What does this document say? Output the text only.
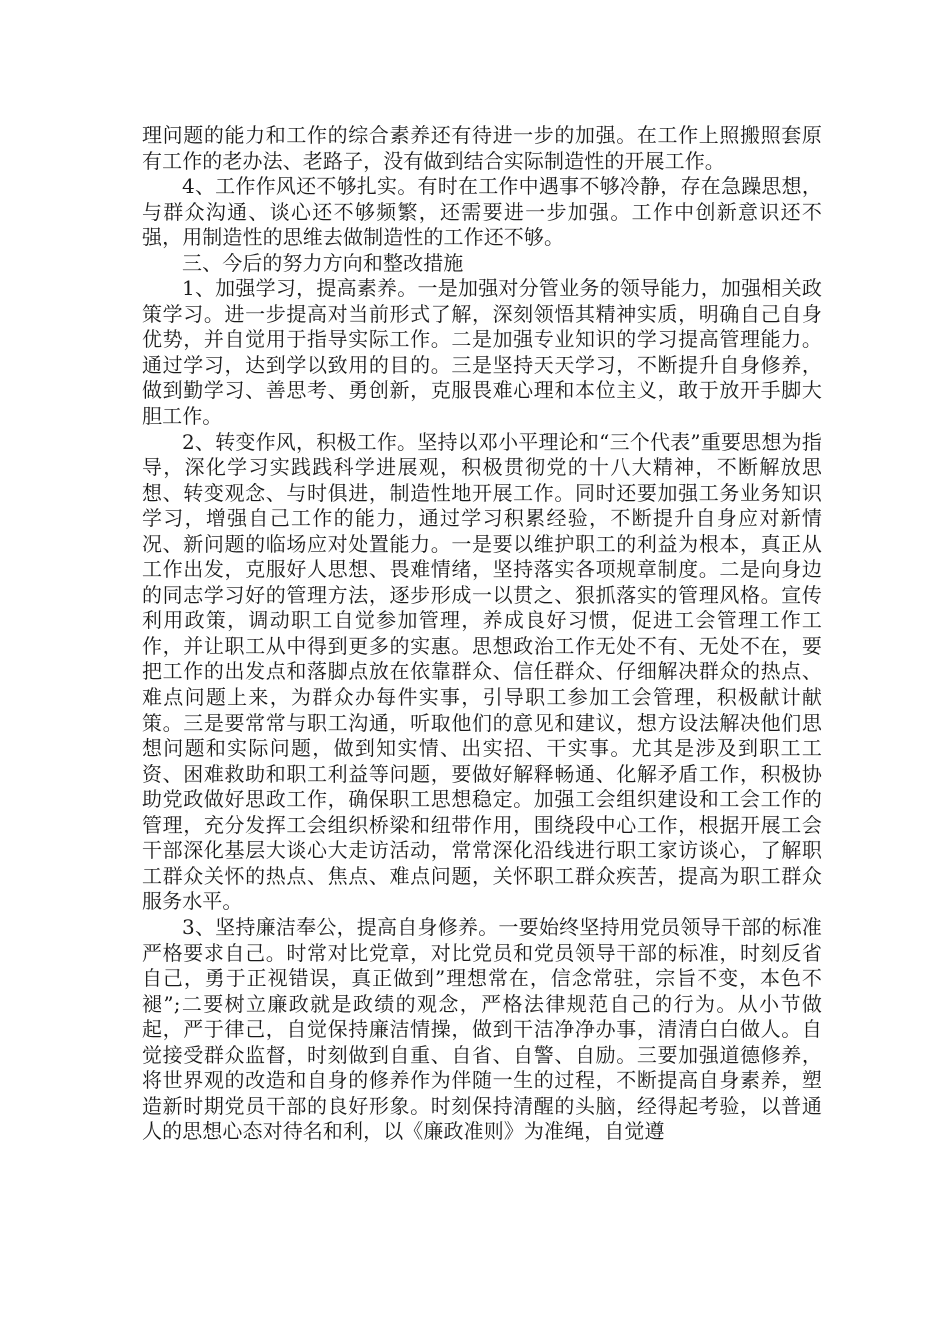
理问题的能力和工作的综合素养还有待进一步的加强。在工作上照搬照套原有工作的老办法、老路子，没有做到结合实际制造性的开展工作。

4、工作作风还不够扎实。有时在工作中遇事不够冷静，存在急躁思想，与群众沟通、谈心还不够频繁，还需要进一步加强。工作中创新意识还不强，用制造性的思维去做制造性的工作还不够。

三、今后的努力方向和整改措施

1、加强学习，提高素养。一是加强对分管业务的领导能力，加强相关政策学习。进一步提高对当前形式了解，深刻领悟其精神实质，明确自己自身优势，并自觉用于指导实际工作。二是加强专业知识的学习提高管理能力。通过学习，达到学以致用的目的。三是坚持天天学习，不断提升自身修养，做到勤学习、善思考、勇创新，克服畏难心理和本位主义，敢于放开手脚大胆工作。

2、转变作风，积极工作。坚持以邓小平理论和“三个代表”重要思想为指导，深化学习实践践科学进展观，积极贯彻党的十八大精神，不断解放思想、转变观念、与时俱进，制造性地开展工作。同时还要加强工务业务知识学习，增强自己工作的能力，通过学习积累经验，不断提升自身应对新情况、新问题的临场应对处置能力。一是要以维护职工的利益为根本，真正从工作出发，克服好人思想、畏难情绪，坚持落实各项规章制度。二是向身边的同志学习好的管理方法，逐步形成一以贯之、狠抓落实的管理风格。宣传利用政策，调动职工自觉参加管理，养成良好习惯，促进工会管理工作工作，并让职工从中得到更多的实惠。思想政治工作无处不有、无处不在，要把工作的出发点和落脚点放在依靠群众、信任群众、仔细解决群众的热点、难点问题上来，为群众办每件实事，引导职工参加工会管理，积极献计献策。三是要常常与职工沟通，听取他们的意见和建议，想方设法解决他们思想问题和实际问题，做到知实情、出实招、干实事。尤其是涉及到职工工资、困难救助和职工利益等问题，要做好解释畅通、化解矛盾工作，积极协助党政做好思政工作，确保职工思想稳定。加强工会组织建设和工会工作的管理，充分发挥工会组织桥梁和纽带作用，围绕段中心工作，根据开展工会干部深化基层大谈心大走访活动，常常深化沿线进行职工家访谈心，了解职工群众关怀的热点、焦点、难点问题，关怀职工群众疾苦，提高为职工群众服务水平。

3、坚持廉洁奉公，提高自身修养。一要始终坚持用党员领导干部的标准严格要求自己。时常对比党章，对比党员和党员领导干部的标准，时刻反省自己，勇于正视错误，真正做到”理想常在，信念常驻，宗旨不变，本色不褪”;二要树立廉政就是政绩的观念，严格法律规范自己的行为。从小节做起，严于律己，自觉保持廉洁情操，做到干洁净净办事，清清白白做人。自觉接受群众监督，时刻做到自重、自省、自警、自励。三要加强道德修养，将世界观的改造和自身的修养作为伴随一生的过程，不断提高自身素养，塑造新时期党员干部的良好形象。时刻保持清醒的头脑，经得起考验，以普通人的思想心态对待名和利，以《廉政准则》为准绳，自觉遵
